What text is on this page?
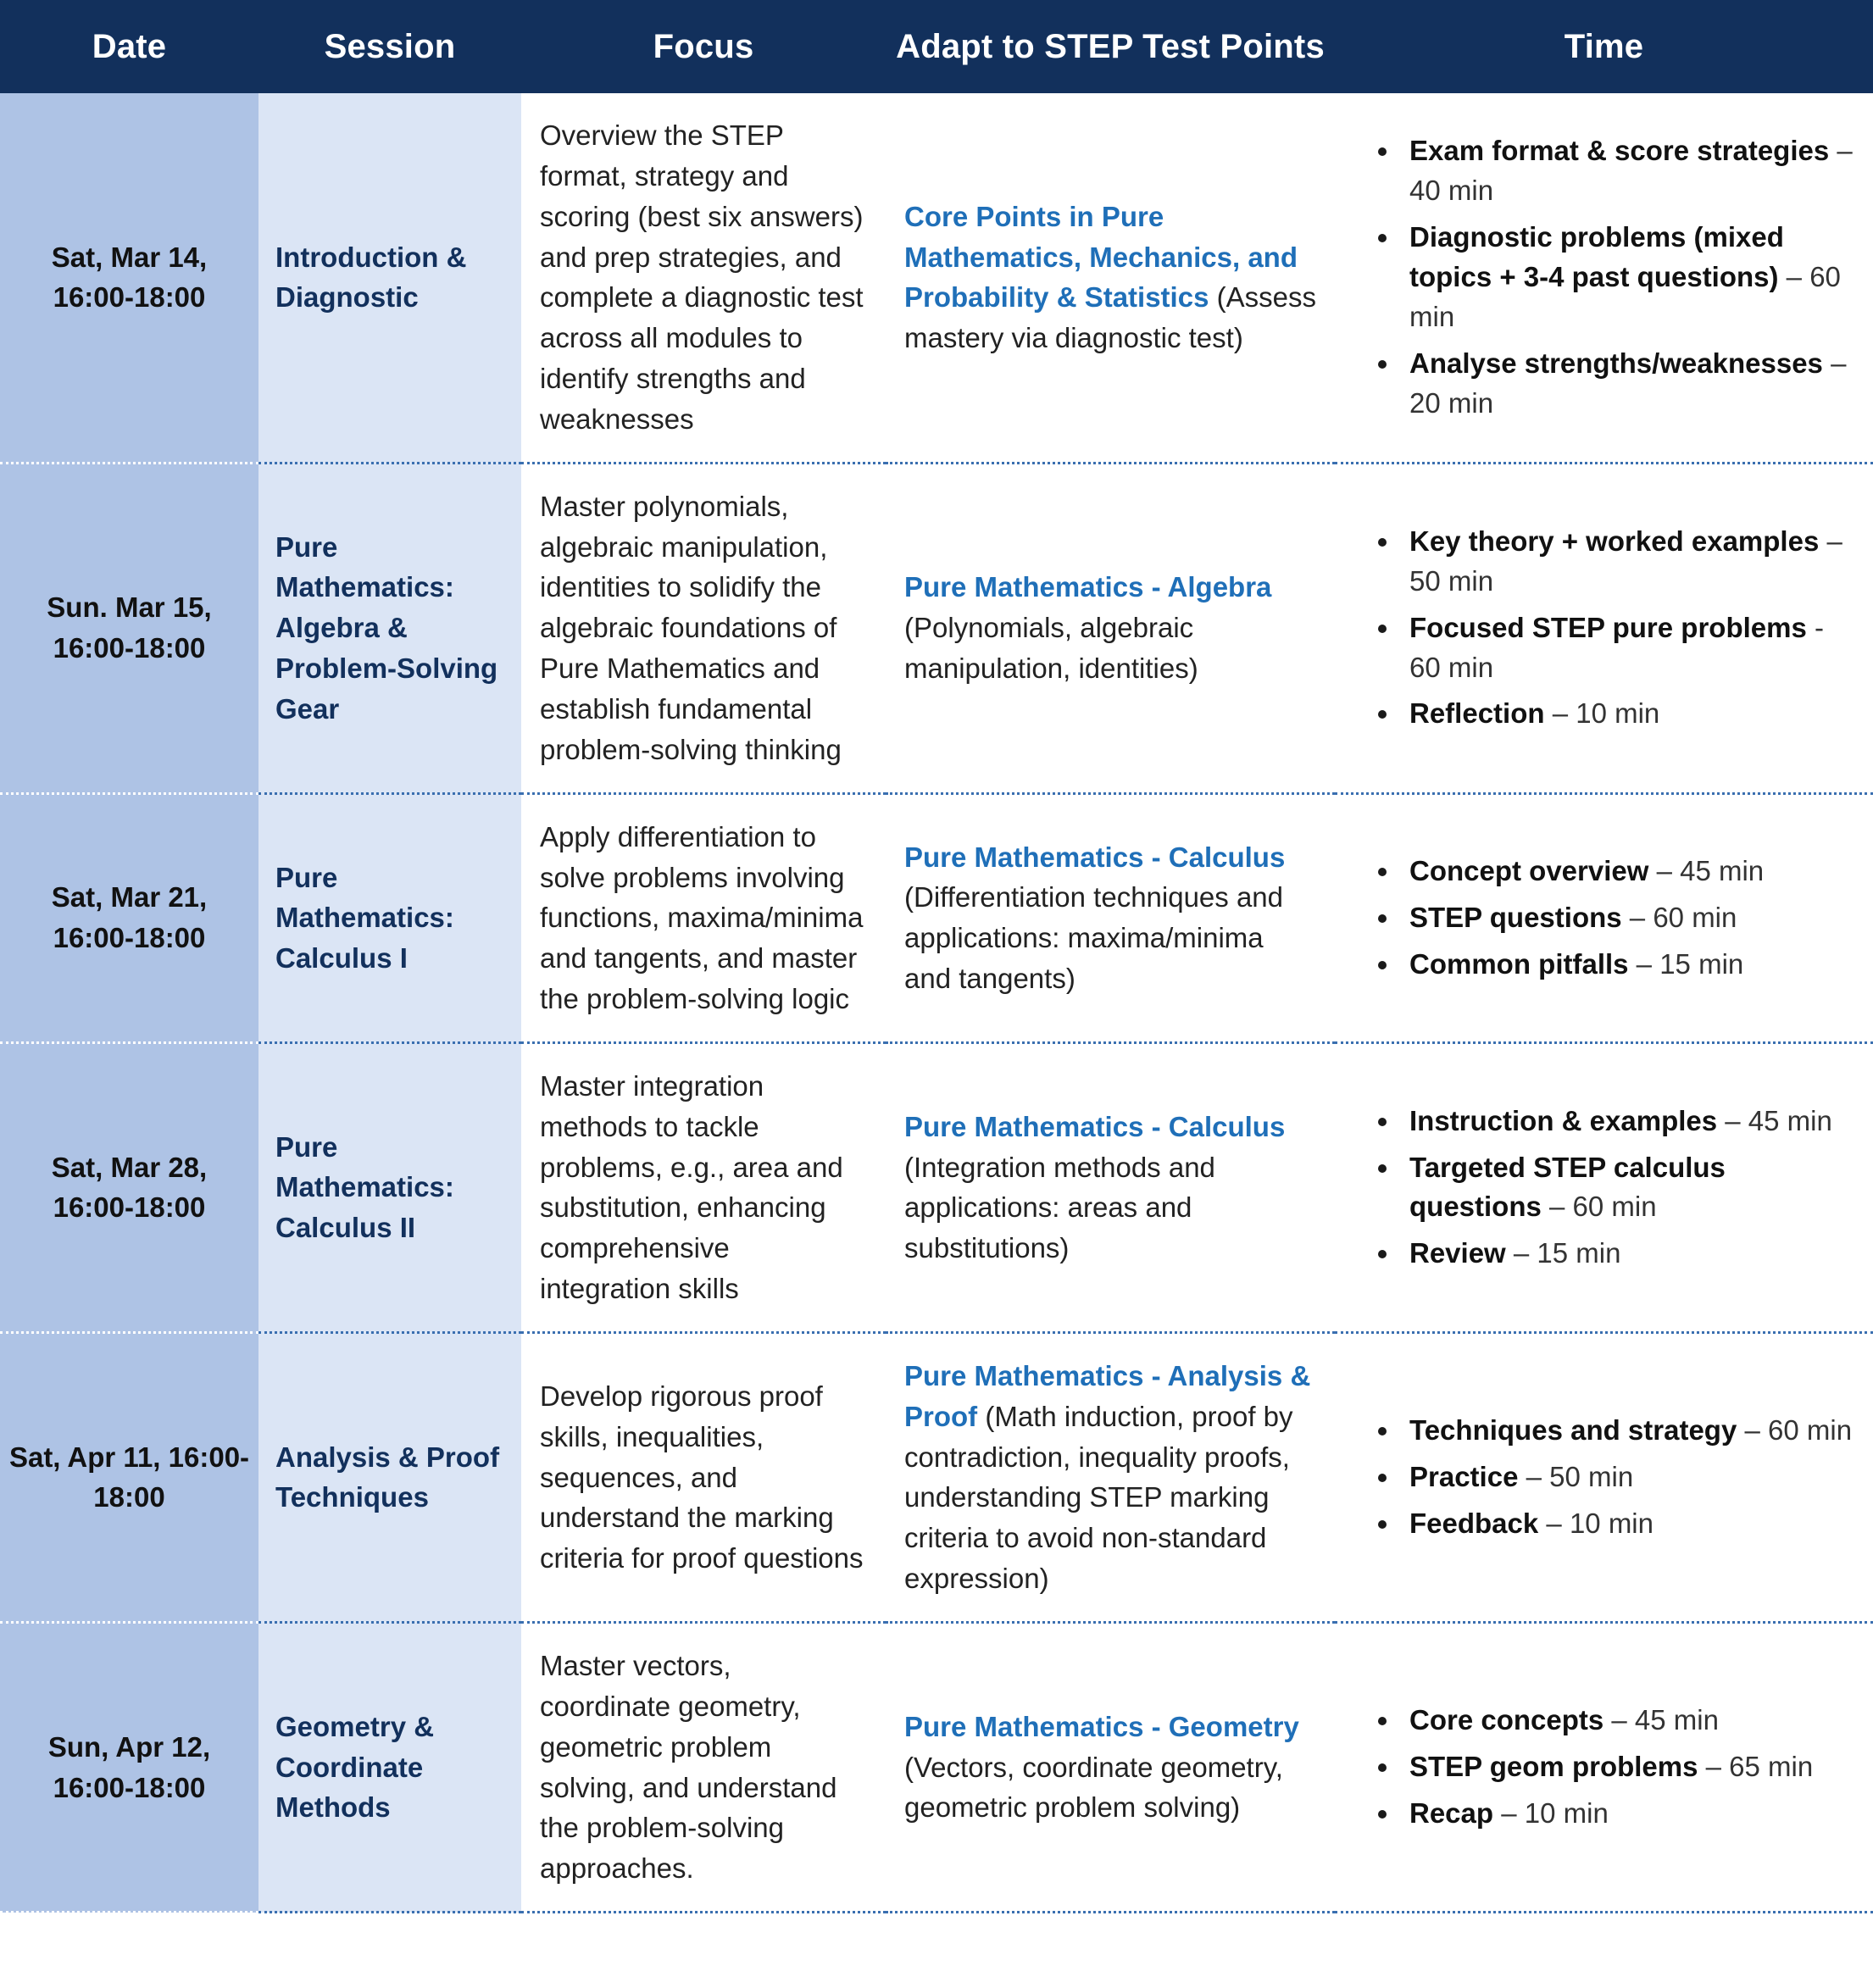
Date	Session	Focus	Adapt to STEP Test Points	Time
Sat, Mar 14, 16:00-18:00	Introduction & Diagnostic	Overview the STEP format, strategy and scoring (best six answers) and prep strategies, and complete a diagnostic test across all modules to identify strengths and weaknesses	Core Points in Pure Mathematics, Mechanics, and Probability & Statistics (Assess mastery via diagnostic test)	
• Exam format & score strategies – 40 min
• Diagnostic problems (mixed topics + 3-4 past questions) – 60 min
• Analyse strengths/weaknesses – 20 min

Sun. Mar 15, 16:00-18:00	Pure Mathematics: Algebra & Problem-Solving Gear	Master polynomials, algebraic manipulation, identities to solidify the algebraic foundations of Pure Mathematics and establish fundamental problem-solving thinking	Pure Mathematics - Algebra (Polynomials, algebraic manipulation, identities)	
• Key theory + worked examples – 50 min
• Focused STEP pure problems - 60 min
• Reflection – 10 min

Sat, Mar 21, 16:00-18:00	Pure Mathematics: Calculus I	Apply differentiation to solve problems involving functions, maxima/minima and tangents, and master the problem-solving logic	Pure Mathematics - Calculus (Differentiation techniques and applications: maxima/minima and tangents)	
• Concept overview – 45 min
• STEP questions – 60 min
• Common pitfalls – 15 min

Sat, Mar 28, 16:00-18:00	Pure Mathematics: Calculus II	Master integration methods to tackle problems, e.g., area and substitution, enhancing comprehensive integration skills	Pure Mathematics - Calculus (Integration methods and applications: areas and substitutions)	
• Instruction & examples – 45 min
• Targeted STEP calculus questions – 60 min
• Review – 15 min

Sat, Apr 11, 16:00-18:00	Analysis & Proof Techniques	Develop rigorous proof skills, inequalities, sequences, and understand the marking criteria for proof questions	Pure Mathematics - Analysis & Proof (Math induction, proof by contradiction, inequality proofs, understanding STEP marking criteria to avoid non-standard expression)	
• Techniques and strategy – 60 min
• Practice – 50 min
• Feedback – 10 min

Sun, Apr 12, 16:00-18:00	Geometry & Coordinate Methods	Master vectors, coordinate geometry, geometric problem solving, and understand the problem-solving approaches.	Pure Mathematics - Geometry (Vectors, coordinate geometry, geometric problem solving)	
• Core concepts – 45 min
• STEP geom problems – 65 min
• Recap – 10 min
